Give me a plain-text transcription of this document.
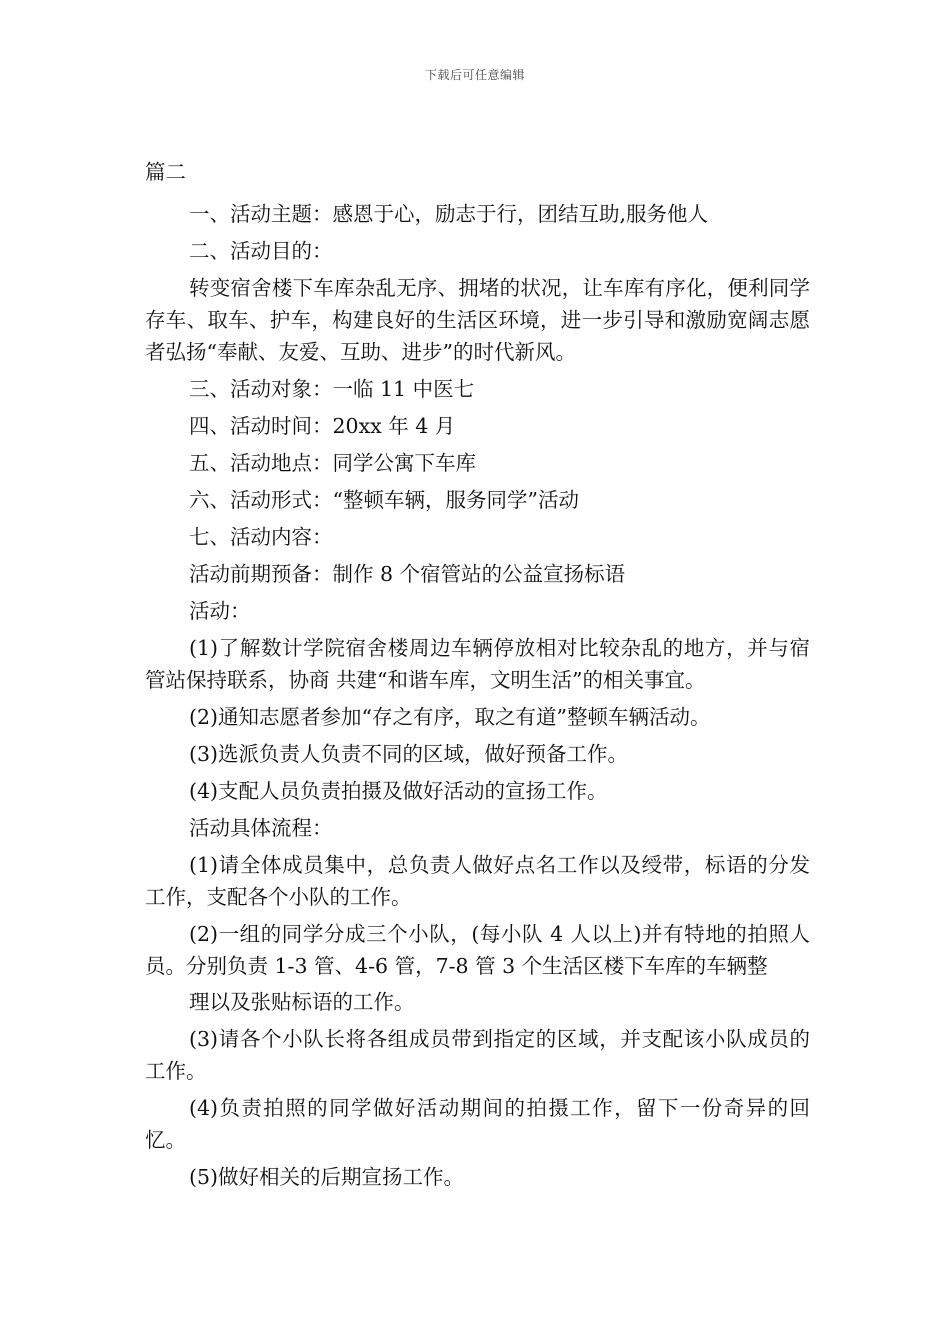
下载后可任意编辑

篇二

一、活动主题：感恩于心，励志于行，团结互助,服务他人

二、活动目的：

转变宿舍楼下车库杂乱无序、拥堵的状况，让车库有序化，便利同学存车、取车、护车，构建良好的生活区环境，进一步引导和激励宽阔志愿者弘扬“奉献、友爱、互助、进步”的时代新风。

三、活动对象：一临 11 中医七

四、活动时间：20xx 年 4 月

五、活动地点：同学公寓下车库

六、活动形式：“整顿车辆，服务同学”活动

七、活动内容：

活动前期预备：制作 8 个宿管站的公益宣扬标语

活动：

(1)了解数计学院宿舍楼周边车辆停放相对比较杂乱的地方，并与宿管站保持联系，协商 共建“和谐车库，文明生活”的相关事宜。

(2)通知志愿者参加“存之有序，取之有道”整顿车辆活动。

(3)选派负责人负责不同的区域，做好预备工作。

(4)支配人员负责拍摄及做好活动的宣扬工作。

活动具体流程：

(1)请全体成员集中，总负责人做好点名工作以及绶带，标语的分发工作，支配各个小队的工作。

(2)一组的同学分成三个小队，(每小队 4 人以上)并有特地的拍照人员。分别负责 1-3 管、4-6 管，7-8 管 3 个生活区楼下车库的车辆整

理以及张贴标语的工作。

(3)请各个小队长将各组成员带到指定的区域，并支配该小队成员的工作。

(4)负责拍照的同学做好活动期间的拍摄工作，留下一份奇异的回忆。

(5)做好相关的后期宣扬工作。
